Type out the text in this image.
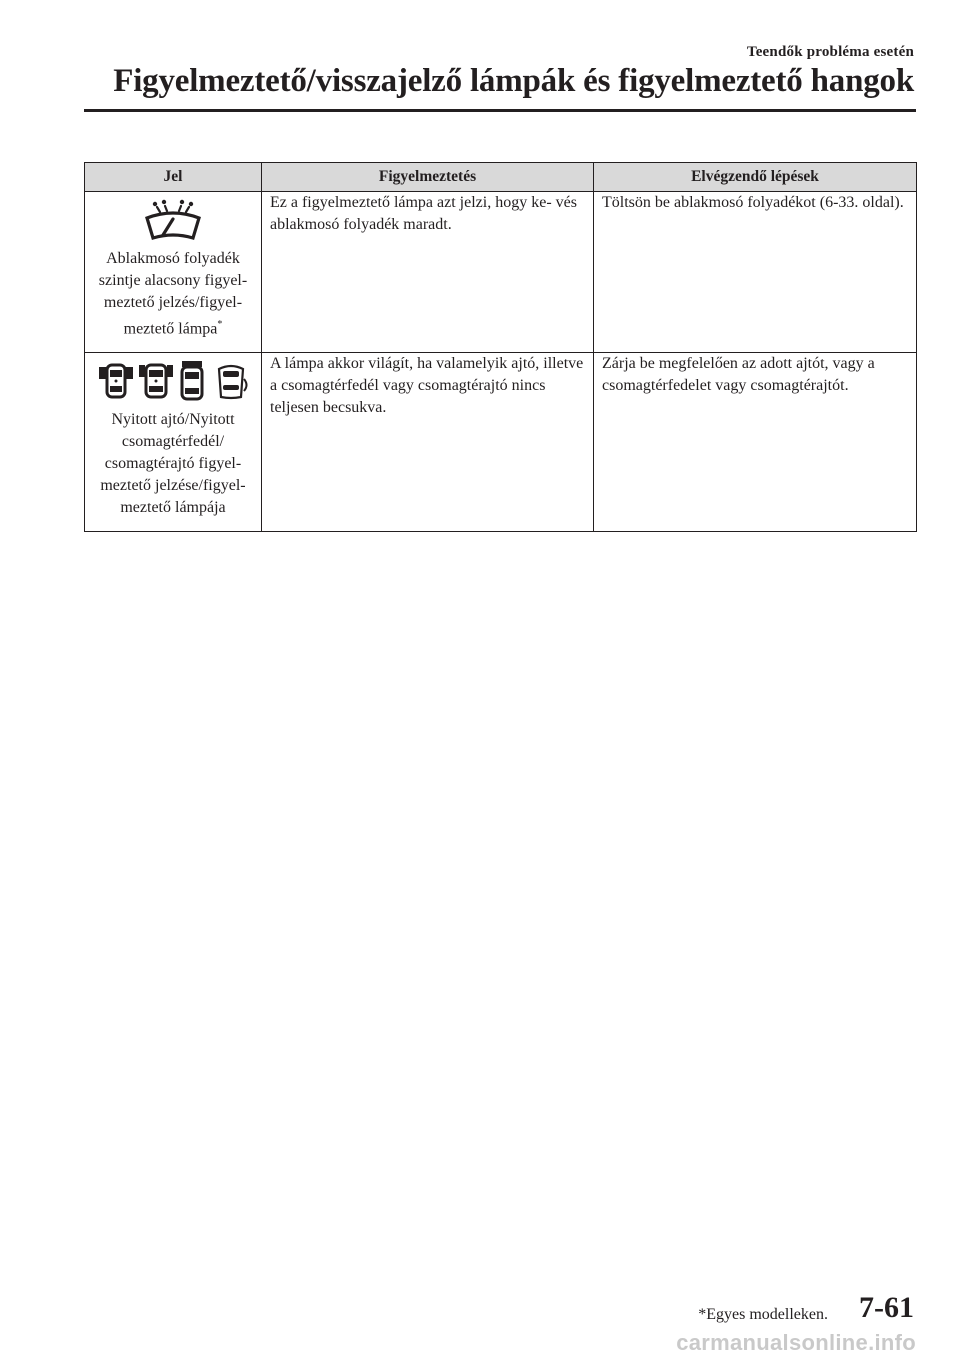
Teendők probléma esetén
Figyelmeztető/visszajelző lámpák és figyelmeztető hangok
Jel	Figyelmeztetés	Elvégzendő lépések

Ablakmosó folyadék szintje alacsony figyel- meztető jelzés/figyel- meztető lámpa*	Ez a figyelmeztető lámpa azt jelzi, hogy ke- vés ablakmosó folyadék maradt.	Töltsön be ablakmosó folyadékot (6-33. oldal).

Nyitott ajtó/Nyitott csomagtérfedél/ csomagtérajtó figyel- meztető jelzése/figyel- meztető lámpája	A lámpa akkor világít, ha valamelyik ajtó, illetve a csomagtérfedél vagy csomagtérajtó nincs teljesen becsukva.	Zárja be megfelelően az adott ajtót, vagy a csomagtérfedelet vagy csomagtérajtót.
*Egyes modelleken. 7-61
carmanualsonline.info
